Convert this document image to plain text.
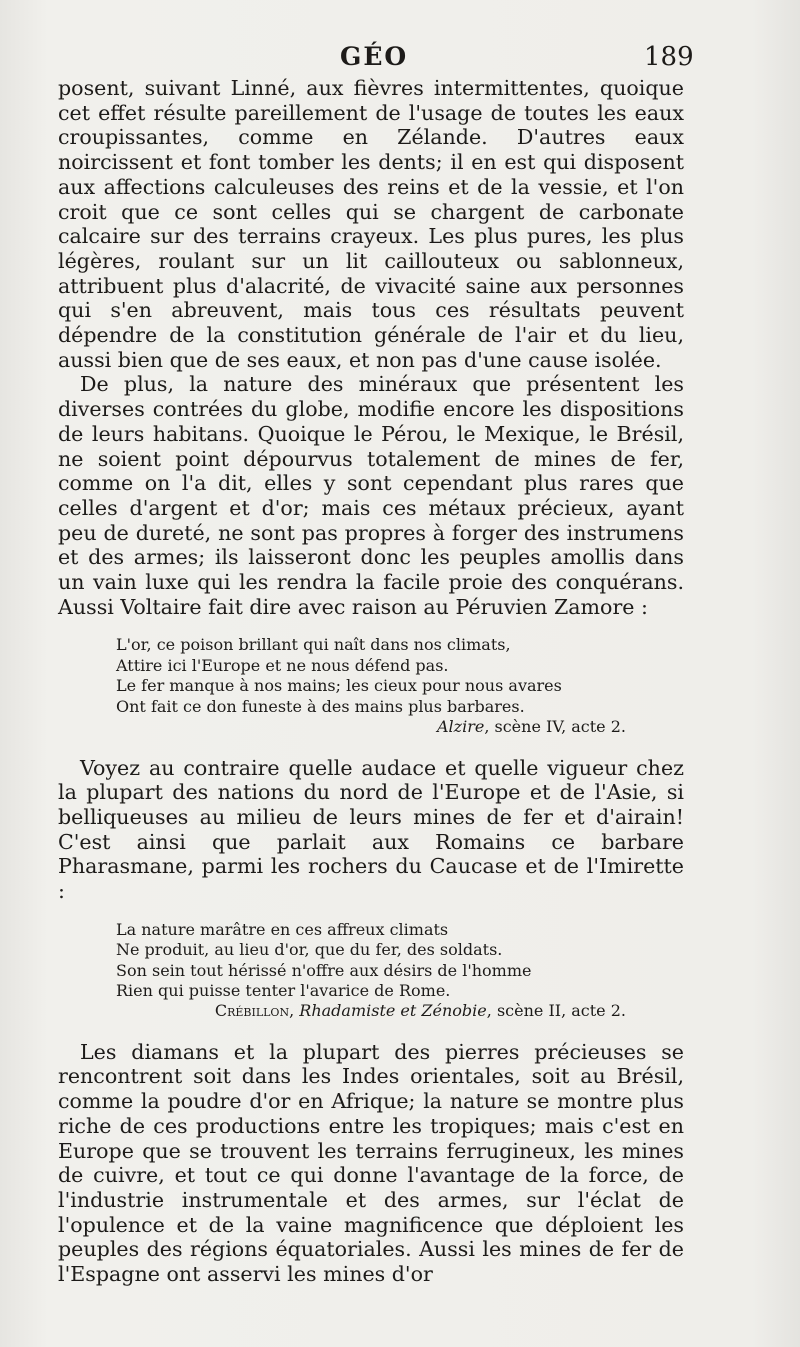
GÉO	189

posent, suivant Linné, aux fièvres intermittentes, quoique cet effet résulte pareillement de l'usage de toutes les eaux croupissantes, comme en Zélande. D'autres eaux noircissent et font tomber les dents; il en est qui disposent aux affections calculeuses des reins et de la vessie, et l'on croit que ce sont celles qui se chargent de carbonate calcaire sur des terrains crayeux. Les plus pures, les plus légères, roulant sur un lit caillouteux ou sablonneux, attribuent plus d'alacrité, de vivacité saine aux personnes qui s'en abreuvent, mais tous ces résultats peuvent dépendre de la constitution générale de l'air et du lieu, aussi bien que de ses eaux, et non pas d'une cause isolée.

De plus, la nature des minéraux que présentent les diverses contrées du globe, modifie encore les dispositions de leurs habitans. Quoique le Pérou, le Mexique, le Brésil, ne soient point dépourvus totalement de mines de fer, comme on l'a dit, elles y sont cependant plus rares que celles d'argent et d'or; mais ces métaux précieux, ayant peu de dureté, ne sont pas propres à forger des instrumens et des armes; ils laisseront donc les peuples amollis dans un vain luxe qui les rendra la facile proie des conquérans. Aussi Voltaire fait dire avec raison au Péruvien Zamore :

L'or, ce poison brillant qui naît dans nos climats,
Attire ici l'Europe et ne nous défend pas.
Le fer manque à nos mains; les cieux pour nous avares
Ont fait ce don funeste à des mains plus barbares.
Alzire, scène IV, acte 2.

Voyez au contraire quelle audace et quelle vigueur chez la plupart des nations du nord de l'Europe et de l'Asie, si belliqueuses au milieu de leurs mines de fer et d'airain! C'est ainsi que parlait aux Romains ce barbare Pharasmane, parmi les rochers du Caucase et de l'Imirette :

La nature marâtre en ces affreux climats
Ne produit, au lieu d'or, que du fer, des soldats.
Son sein tout hérissé n'offre aux désirs de l'homme
Rien qui puisse tenter l'avarice de Rome.
Crébillon, Rhadamiste et Zénobie, scène II, acte 2.

Les diamans et la plupart des pierres précieuses se rencontrent soit dans les Indes orientales, soit au Brésil, comme la poudre d'or en Afrique; la nature se montre plus riche de ces productions entre les tropiques; mais c'est en Europe que se trouvent les terrains ferrugineux, les mines de cuivre, et tout ce qui donne l'avantage de la force, de l'industrie instrumentale et des armes, sur l'éclat de l'opulence et de la vaine magnificence que déploient les peuples des régions équatoriales. Aussi les mines de fer de l'Espagne ont asservi les mines d'or
